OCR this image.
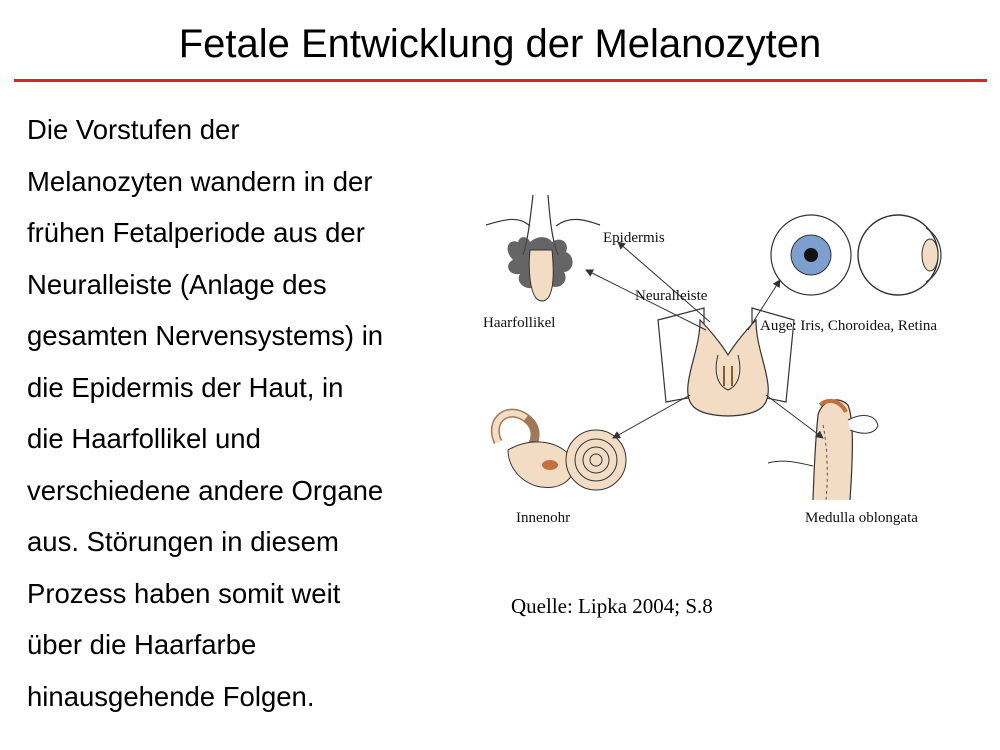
Fetale Entwicklung der Melanozyten
Die Vorstufen der
Melanozyten wandern in der
frühen Fetalperiode aus der
Neuralleiste (Anlage des
gesamten Nervensystems) in
die Epidermis der Haut, in
die Haarfollikel und
verschiedene andere Organe
aus. Störungen in diesem
Prozess haben somit weit
über die Haarfarbe
hinausgehende Folgen.
Epidermis
Haarfollikel
Neuralleiste
Auge: Iris, Choroidea, Retina
Innenohr	Medulla oblongata

Quelle: Lipka 2004; S.8
